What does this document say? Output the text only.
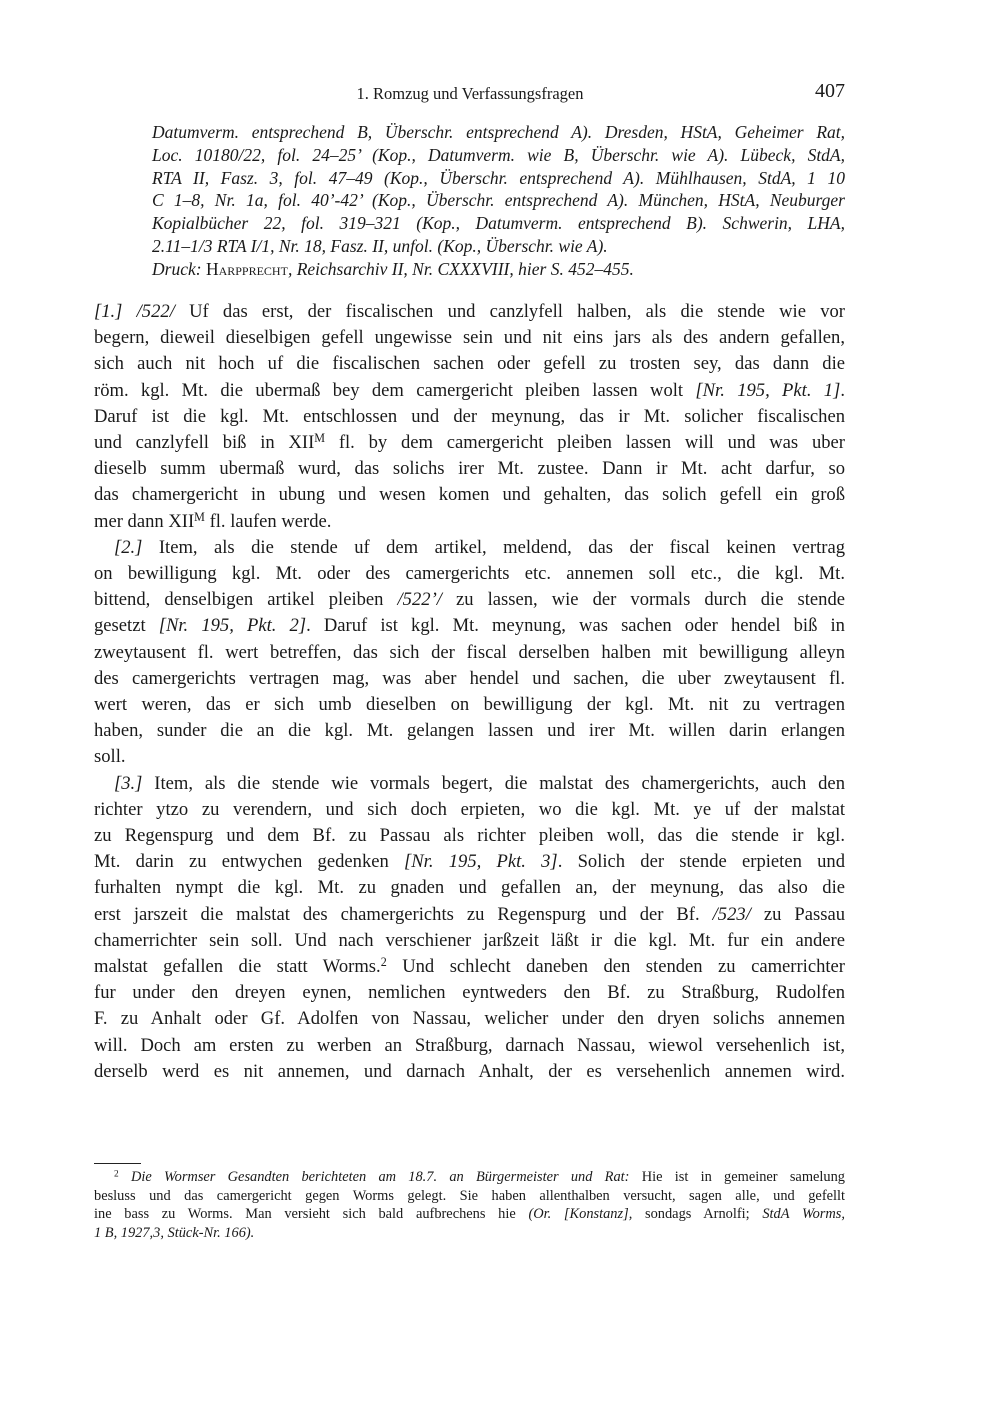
1. Romzug und Verfassungsfragen	407
Datumverm. entsprechend B, Überschr. entsprechend A). Dresden, HStA, Geheimer Rat,
Loc. 10180/22, fol. 24–25’ (Kop., Datumverm. wie B, Überschr. wie A). Lübeck, StdA,
RTA II, Fasz. 3, fol. 47–49 (Kop., Überschr. entsprechend A). Mühlhausen, StdA, 1 10
C 1–8, Nr. 1a, fol. 40’-42’ (Kop., Überschr. entsprechend A). München, HStA, Neuburger
Kopialbücher 22, fol. 319–321 (Kop., Datumverm. entsprechend B). Schwerin, LHA,
2.11–1/3 RTA I/1, Nr. 18, Fasz. II, unfol. (Kop., Überschr. wie A).
Druck: Harpprecht, Reichsarchiv II, Nr. CXXXVIII, hier S. 452–455.
[1.] /522/ Uf das erst, der fiscalischen und canzlyfell halben, als die stende wie vor
begern, dieweil dieselbigen gefell ungewisse sein und nit eins jars als des andern gefallen,
sich auch nit hoch uf die fiscalischen sachen oder gefell zu trosten sey, das dann die
röm. kgl. Mt. die ubermaß bey dem camergericht pleiben lassen wolt [Nr. 195, Pkt. 1].
Daruf ist die kgl. Mt. entschlossen und der meynung, das ir Mt. solicher fiscalischen
und canzlyfell biß in $XII^M$ fl. by dem camergericht pleiben lassen will und was uber
dieselb summ ubermaß wurd, das solichs irer Mt. zustee. Dann ir Mt. acht darfur, so
das chamergericht in ubung und wesen komen und gehalten, das solich gefell ein groß
mer dann $XII^M$ fl. laufen werde.
[2.] Item, als die stende uf dem artikel, meldend, das der fiscal keinen vertrag
on bewilligung kgl. Mt. oder des camergerichts etc. annemen soll etc., die kgl. Mt.
bittend, denselbigen artikel pleiben /522’/ zu lassen, wie der vormals durch die stende
gesetzt [Nr. 195, Pkt. 2]. Daruf ist kgl. Mt. meynung, was sachen oder hendel biß in
zweytausent fl. wert betreffen, das sich der fiscal derselben halben mit bewilligung alleyn
des camergerichts vertragen mag, was aber hendel und sachen, die uber zweytausent fl.
wert weren, das er sich umb dieselben on bewilligung der kgl. Mt. nit zu vertragen
haben, sunder die an die kgl. Mt. gelangen lassen und irer Mt. willen darin erlangen
soll.
[3.] Item, als die stende wie vormals begert, die malstat des chamergerichts, auch den
richter ytzo zu verendern, und sich doch erpieten, wo die kgl. Mt. ye uf der malstat
zu Regenspurg und dem Bf. zu Passau als richter pleiben woll, das die stende ir kgl.
Mt. darin zu entwychen gedenken [Nr. 195, Pkt. 3]. Solich der stende erpieten und
furhalten nympt die kgl. Mt. zu gnaden und gefallen an, der meynung, das also die
erst jarszeit die malstat des chamergerichts zu Regenspurg und der Bf. /523/ zu Passau
chamerrichter sein soll. Und nach verschiener jarßzeit läßt ir die kgl. Mt. fur ein andere
malstat gefallen die statt Worms.$^2$ Und schlecht daneben den stenden zu camerrichter
fur under den dreyen eynen, nemlichen eyntweders den Bf. zu Straßburg, Rudolfen
F. zu Anhalt oder Gf. Adolfen von Nassau, welicher under den dryen solichs annemen
will. Doch am ersten zu werben an Straßburg, darnach Nassau, wiewol versehenlich ist,
derselb werd es nit annemen, und darnach Anhalt, der es versehenlich annemen wird.
$^2$ Die Wormser Gesandten berichteten am 18.7. an Bürgermeister und Rat: Hie ist in gemeiner samelung
besluss und das camergericht gegen Worms gelegt. Sie haben allenthalben versucht, sagen alle, und gefellt
ine bass zu Worms. Man versieht sich bald aufbrechens hie (Or. [Konstanz], sondags Arnolfi; StdA Worms,
1 B, 1927,3, Stück-Nr. 166).
